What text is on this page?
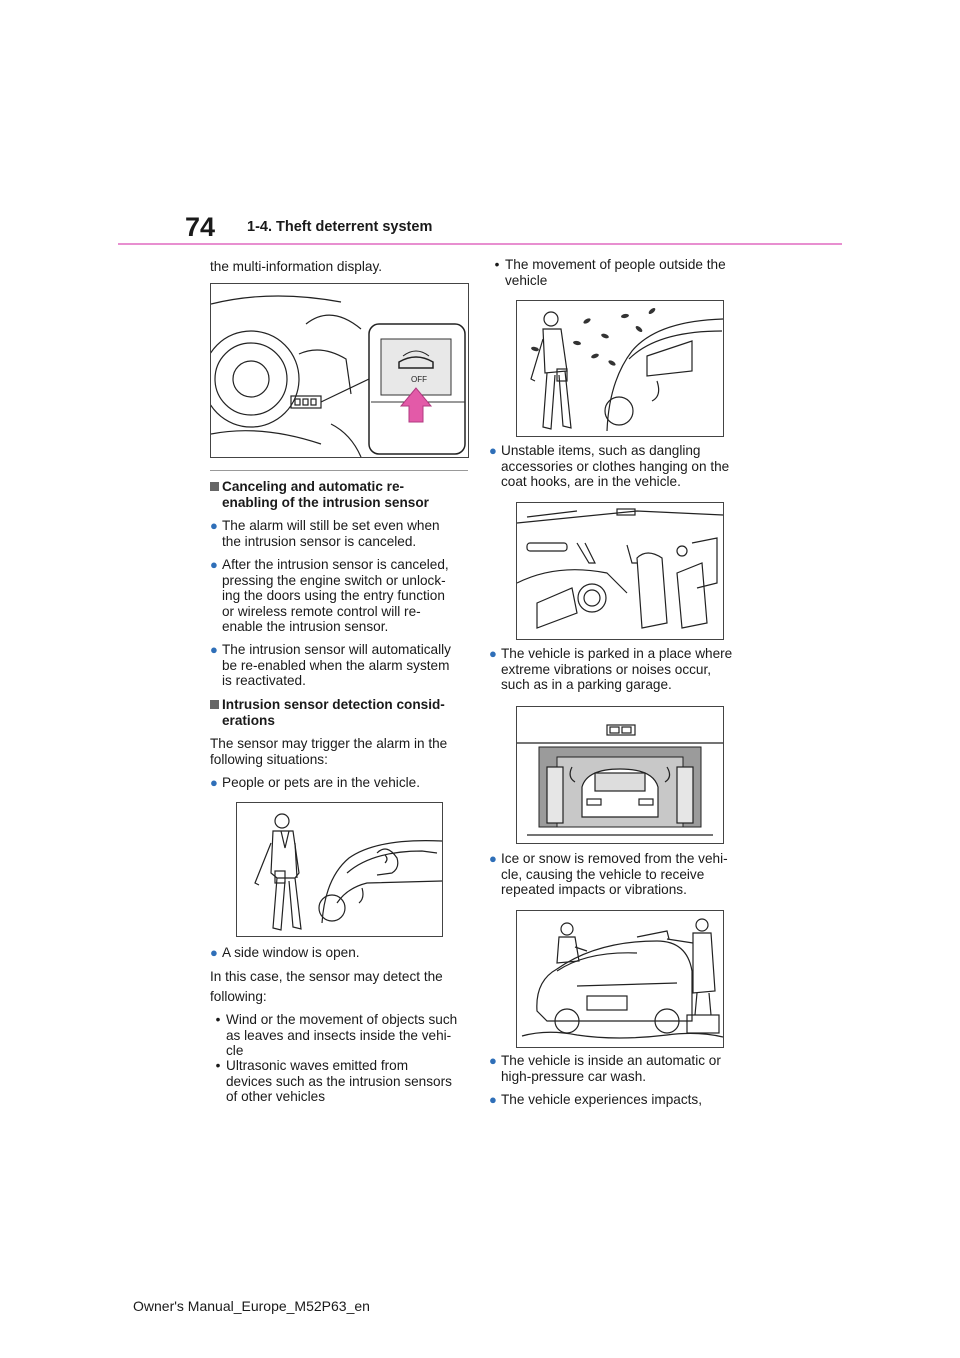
74 1-4. Theft deterrent system

the multi-information display.

OFF
Canceling and automatic re-
enabling of the intrusion sensor
● The alarm will still be set even when
the intrusion sensor is canceled.
● After the intrusion sensor is canceled,
pressing the engine switch or unlock-
ing the doors using the entry function
or wireless remote control will re-
enable the intrusion sensor.
● The intrusion sensor will automatically
be re-enabled when the alarm system
is reactivated.
Intrusion sensor detection consid-
erations

The sensor may trigger the alarm in the
following situations:

● People or pets are in the vehicle.
● A side window is open.

In this case, the sensor may detect the
following:

• Wind or the movement of objects such
as leaves and insects inside the vehi-
cle
• Ultrasonic waves emitted from
devices such as the intrusion sensors
of other vehicles
• The movement of people outside the
vehicle
● Unstable items, such as dangling
accessories or clothes hanging on the
coat hooks, are in the vehicle.
● The vehicle is parked in a place where
extreme vibrations or noises occur,
such as in a parking garage.
● Ice or snow is removed from the vehi-
cle, causing the vehicle to receive
repeated impacts or vibrations.
● The vehicle is inside an automatic or
high-pressure car wash.
● The vehicle experiences impacts,
Owner's Manual_Europe_M52P63_en
